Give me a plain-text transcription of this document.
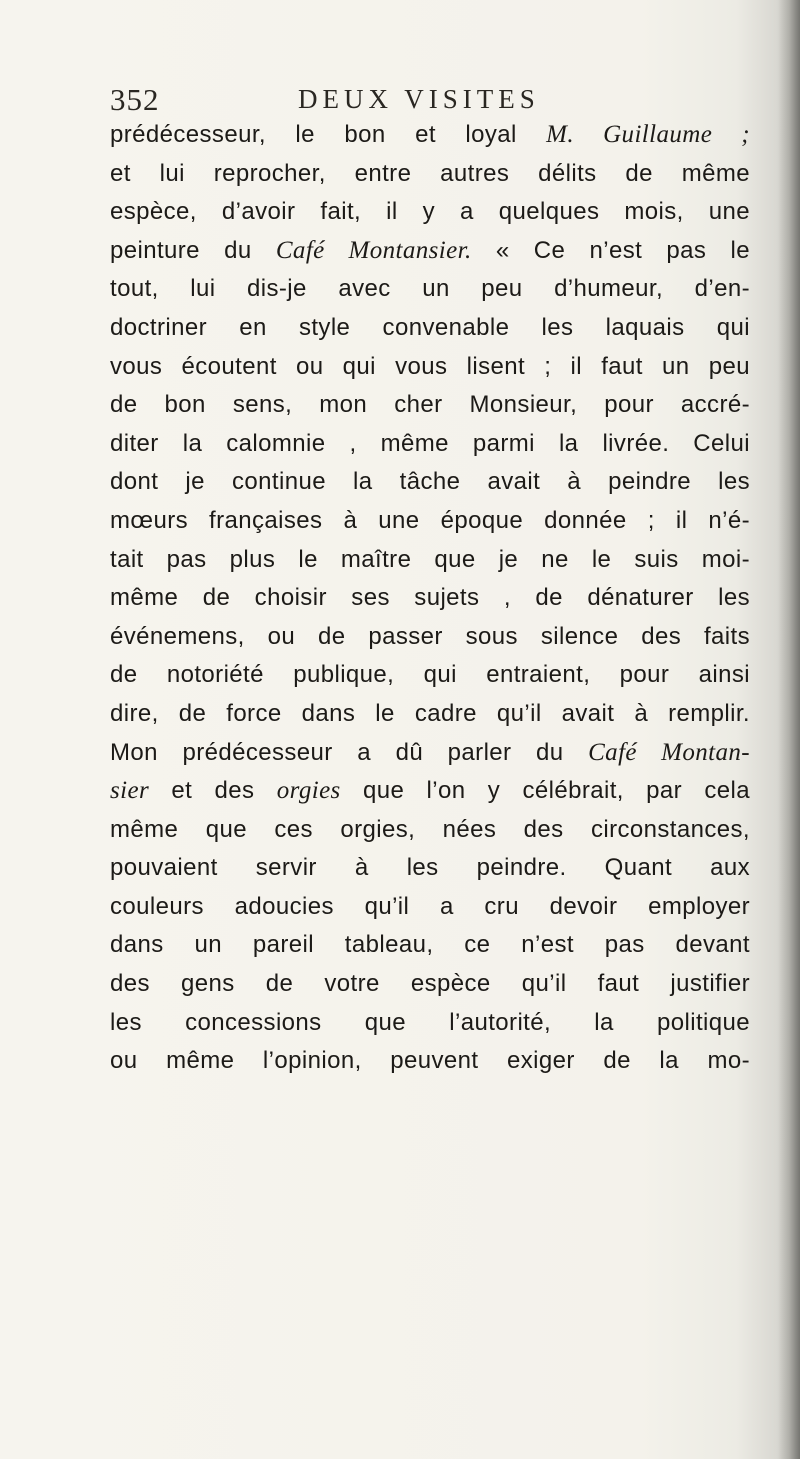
352	DEUX VISITES
prédécesseur, le bon et loyal M. Guillaume ;
et lui reprocher, entre autres délits de même
espèce, d’avoir fait, il y a quelques mois, une
peinture du Café Montansier. « Ce n’est pas le
tout, lui dis-je avec un peu d’humeur, d’en-
doctriner en style convenable les laquais qui
vous écoutent ou qui vous lisent ; il faut un peu
de bon sens, mon cher Monsieur, pour accré-
diter la calomnie , même parmi la livrée. Celui
dont je continue la tâche avait à peindre les
mœurs françaises à une époque donnée ; il n’é-
tait pas plus le maître que je ne le suis moi-
même de choisir ses sujets , de dénaturer les
événemens, ou de passer sous silence des faits
de notoriété publique, qui entraient, pour ainsi
dire, de force dans le cadre qu’il avait à remplir.
Mon prédécesseur a dû parler du Café Montan-
sier et des orgies que l’on y célébrait, par cela
même que ces orgies, nées des circonstances,
pouvaient servir à les peindre. Quant aux
couleurs adoucies qu’il a cru devoir employer
dans un pareil tableau, ce n’est pas devant
des gens de votre espèce qu’il faut justifier
les concessions que l’autorité, la politique
ou même l’opinion, peuvent exiger de la mo-
